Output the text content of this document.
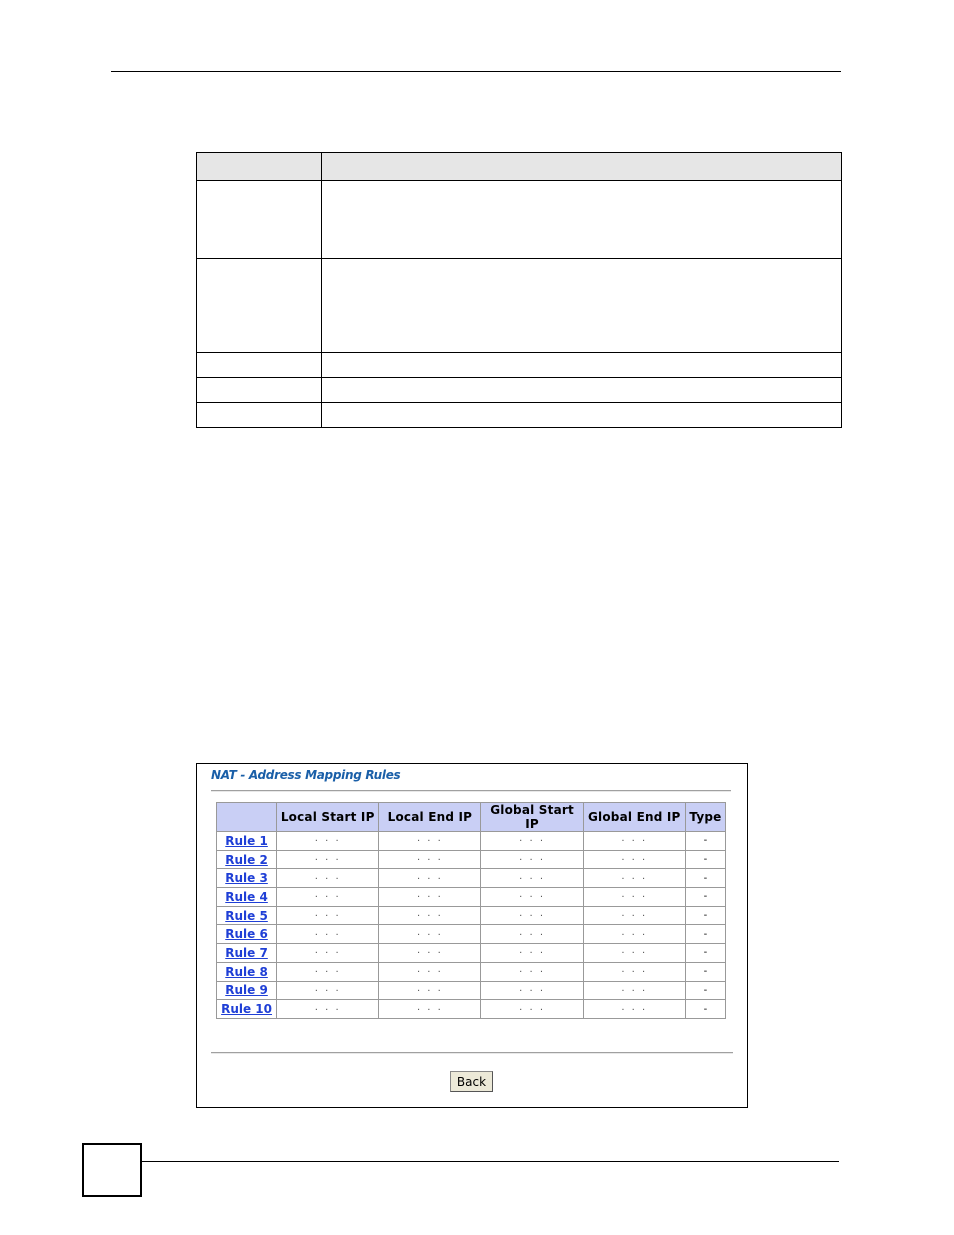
NAT - Address Mapping Rules
	Local Start IP	Local End IP	Global Start IP	Global End IP	Type
Rule 1	. . .	. . .	. . .	. . .	-
Rule 2	. . .	. . .	. . .	. . .	-
Rule 3	. . .	. . .	. . .	. . .	-
Rule 4	. . .	. . .	. . .	. . .	-
Rule 5	. . .	. . .	. . .	. . .	-
Rule 6	. . .	. . .	. . .	. . .	-
Rule 7	. . .	. . .	. . .	. . .	-
Rule 8	. . .	. . .	. . .	. . .	-
Rule 9	. . .	. . .	. . .	. . .	-
Rule 10	. . .	. . .	. . .	. . .	-
Back
